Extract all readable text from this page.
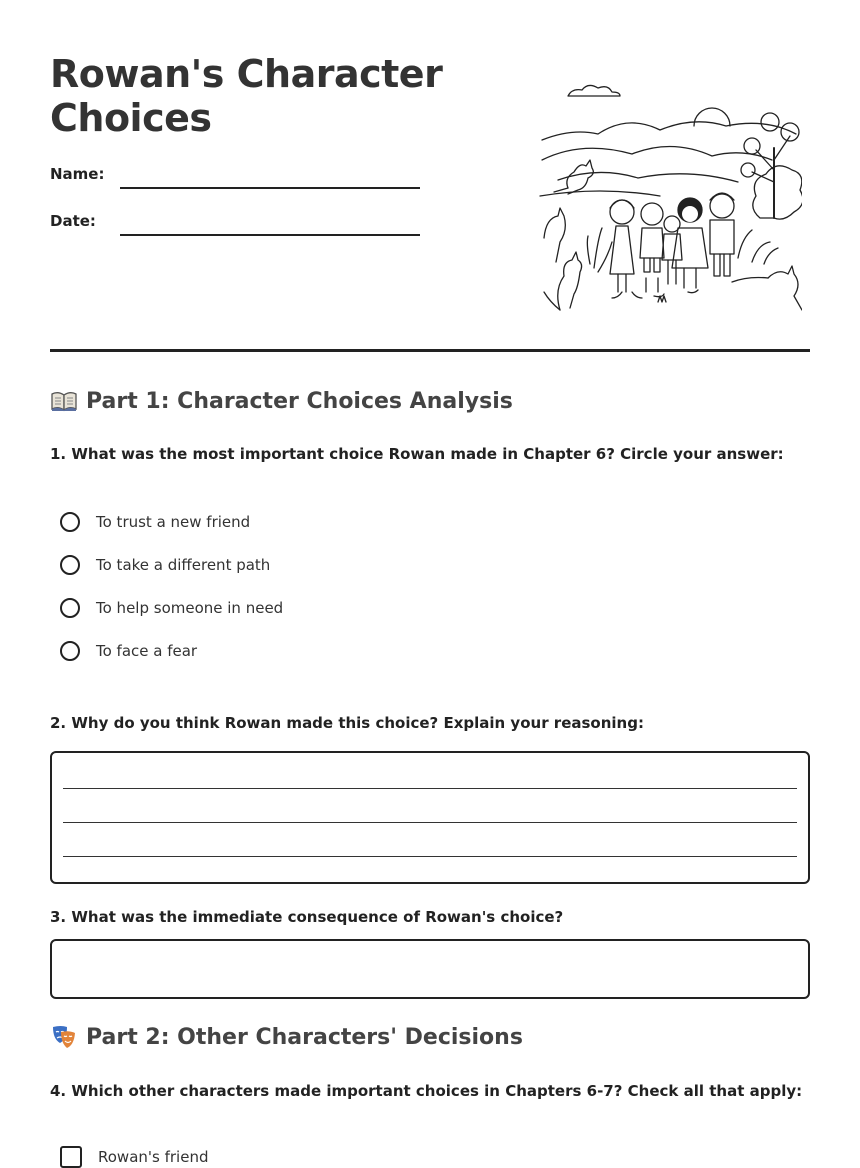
Rowan's Character Choices
Name:
Date:
Part 1: Character Choices Analysis
1. What was the most important choice Rowan made in Chapter 6? Circle your answer:
To trust a new friend
To take a different path
To help someone in need
To face a fear
2. Why do you think Rowan made this choice? Explain your reasoning:
3. What was the immediate consequence of Rowan's choice?
Part 2: Other Characters' Decisions
4. Which other characters made important choices in Chapters 6-7? Check all that apply:
Rowan's friend
